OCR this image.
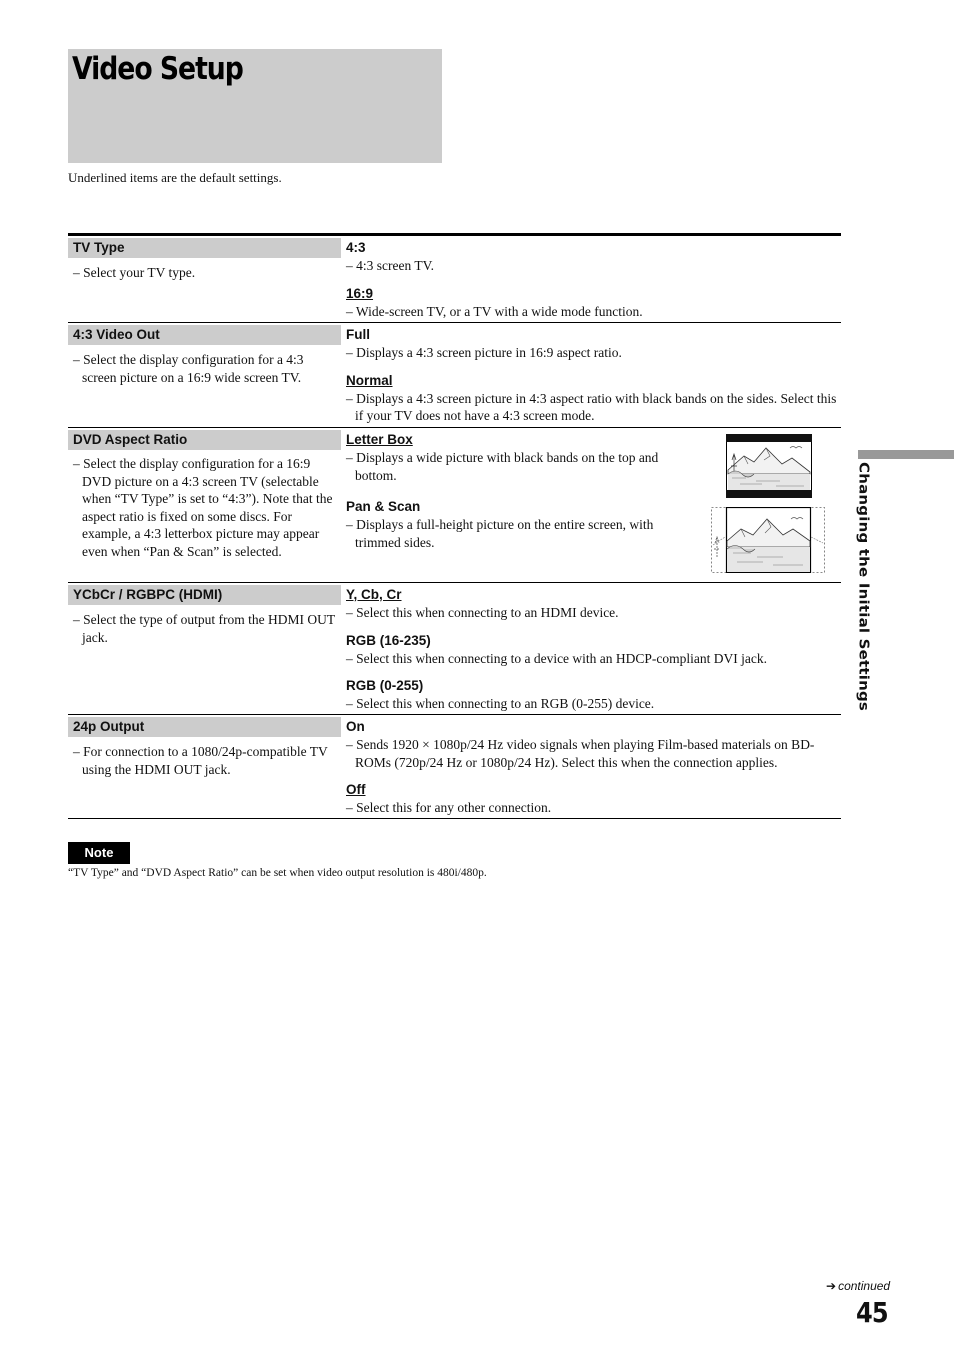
Video Setup
Underlined items are the default settings.
TV Type
– Select your TV type.
4:3
– 4:3 screen TV.
16:9
– Wide-screen TV, or a TV with a wide mode function.
4:3 Video Out
– Select the display configuration for a 4:3 screen picture on a 16:9 wide screen TV.
Full
– Displays a 4:3 screen picture in 16:9 aspect ratio.
Normal
– Displays a 4:3 screen picture in 4:3 aspect ratio with black bands on the sides. Select this if your TV does not have a 4:3 screen mode.
DVD Aspect Ratio
– Select the display configuration for a 16:9 DVD picture on a 4:3 screen TV (selectable when “TV Type” is set to “4:3”). Note that the aspect ratio is fixed on some discs. For example, a 4:3 letterbox picture may appear even when “Pan & Scan” is selected.
Letter Box
– Displays a wide picture with black bands on the top and bottom.
Pan & Scan
– Displays a full-height picture on the entire screen, with trimmed sides.
YCbCr / RGBPC (HDMI)
– Select the type of output from the HDMI OUT jack.
Y, Cb, Cr
– Select this when connecting to an HDMI device.
RGB (16-235)
– Select this when connecting to a device with an HDCP-compliant DVI jack.
RGB (0-255)
– Select this when connecting to an RGB (0-255) device.
24p Output
– For connection to a 1080/24p-compatible TV using the HDMI OUT jack.
On
– Sends 1920 × 1080p/24 Hz video signals when playing Film-based materials on BD-ROMs (720p/24 Hz or 1080p/24 Hz). Select this when the connection applies.
Off
– Select this for any other connection.
Note
“TV Type” and “DVD Aspect Ratio” can be set when video output resolution is 480i/480p.
Changing the Initial Settings
➔ continued
45
